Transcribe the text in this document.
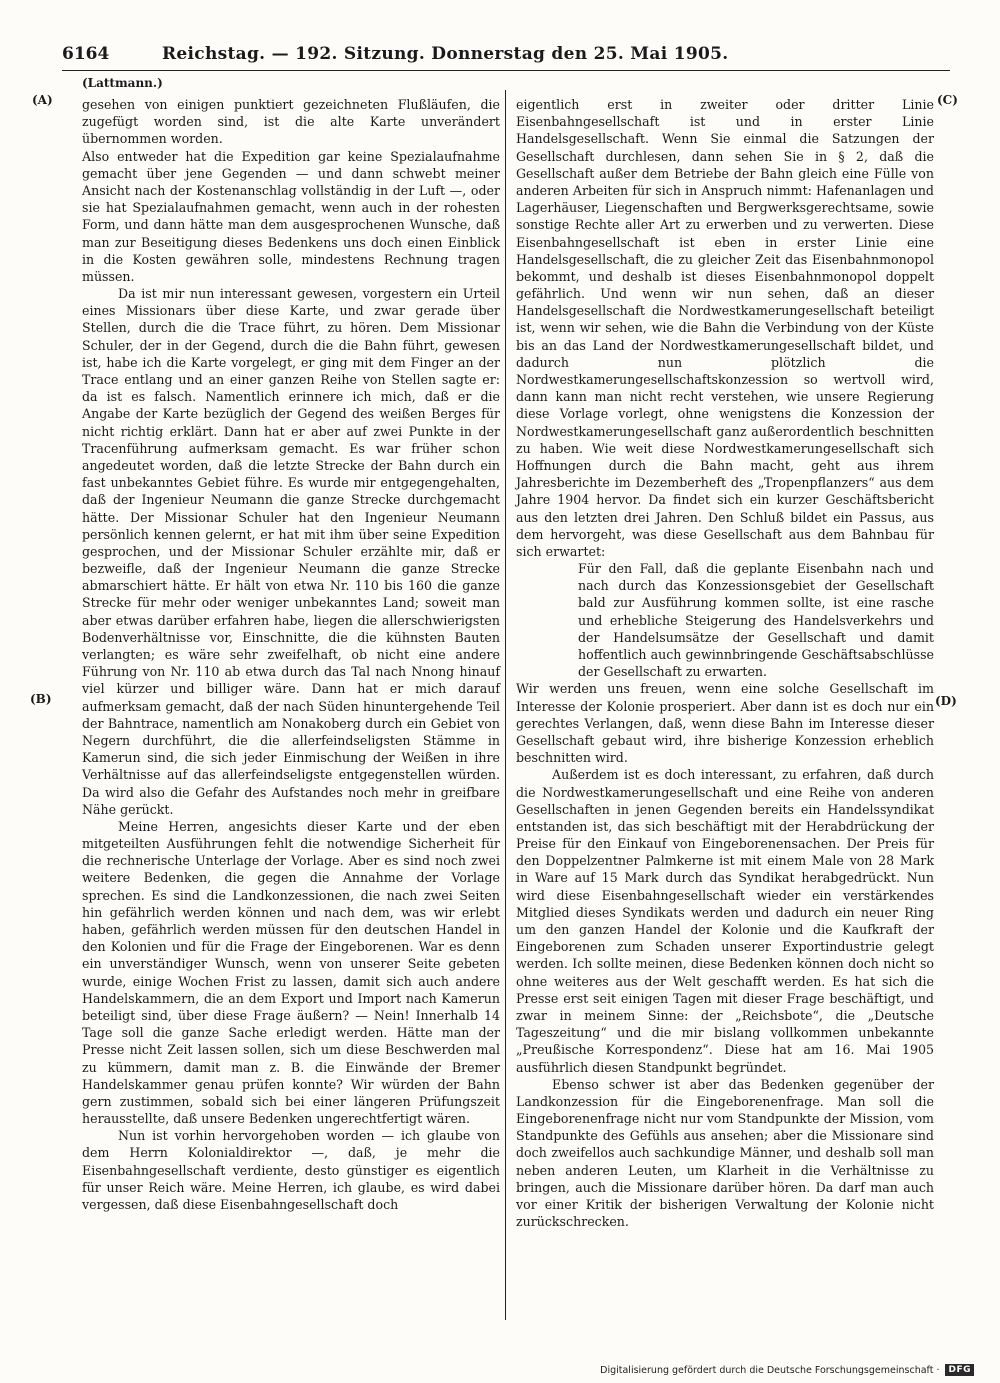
6164	Reichstag. — 192. Sitzung. Donnerstag den 25. Mai 1905.
(Lattmann.)
(A)
(B)
(C)
(D)

gesehen von einigen punktiert gezeichneten Flußläufen, die zugefügt worden sind, ist die alte Karte unverändert übernommen worden.

Also entweder hat die Expedition gar keine Spezialaufnahme gemacht über jene Gegenden — und dann schwebt meiner Ansicht nach der Kostenanschlag vollständig in der Luft —, oder sie hat Spezialaufnahmen gemacht, wenn auch in der rohesten Form, und dann hätte man dem ausgesprochenen Wunsche, daß man zur Beseitigung dieses Bedenkens uns doch einen Einblick in die Kosten gewähren solle, mindestens Rechnung tragen müssen.

Da ist mir nun interessant gewesen, vorgestern ein Urteil eines Missionars über diese Karte, und zwar gerade über Stellen, durch die die Trace führt, zu hören. Dem Missionar Schuler, der in der Gegend, durch die die Bahn führt, gewesen ist, habe ich die Karte vorgelegt, er ging mit dem Finger an der Trace entlang und an einer ganzen Reihe von Stellen sagte er: da ist es falsch. Namentlich erinnere ich mich, daß er die Angabe der Karte bezüglich der Gegend des weißen Berges für nicht richtig erklärt. Dann hat er aber auf zwei Punkte in der Tracenführung aufmerksam gemacht. Es war früher schon angedeutet worden, daß die letzte Strecke der Bahn durch ein fast unbekanntes Gebiet führe. Es wurde mir entgegengehalten, daß der Ingenieur Neumann die ganze Strecke durchgemacht hätte. Der Missionar Schuler hat den Ingenieur Neumann persönlich kennen gelernt, er hat mit ihm über seine Expedition gesprochen, und der Missionar Schuler erzählte mir, daß er bezweifle, daß der Ingenieur Neumann die ganze Strecke abmarschiert hätte. Er hält von etwa Nr. 110 bis 160 die ganze Strecke für mehr oder weniger unbekanntes Land; soweit man aber etwas darüber erfahren habe, liegen die allerschwierigsten Bodenverhältnisse vor, Einschnitte, die die kühnsten Bauten verlangten; es wäre sehr zweifelhaft, ob nicht eine andere Führung von Nr. 110 ab etwa durch das Tal nach Nnong hinauf viel kürzer und billiger wäre. Dann hat er mich darauf aufmerksam gemacht, daß der nach Süden hinuntergehende Teil der Bahntrace, namentlich am Nonakoberg durch ein Gebiet von Negern durchführt, die die allerfeindseligsten Stämme in Kamerun sind, die sich jeder Einmischung der Weißen in ihre Verhältnisse auf das allerfeindseligste entgegenstellen würden. Da wird also die Gefahr des Aufstandes noch mehr in greifbare Nähe gerückt.

Meine Herren, angesichts dieser Karte und der eben mitgeteilten Ausführungen fehlt die notwendige Sicherheit für die rechnerische Unterlage der Vorlage. Aber es sind noch zwei weitere Bedenken, die gegen die Annahme der Vorlage sprechen. Es sind die Landkonzessionen, die nach zwei Seiten hin gefährlich werden können und nach dem, was wir erlebt haben, gefährlich werden müssen für den deutschen Handel in den Kolonien und für die Frage der Eingeborenen. War es denn ein unverständiger Wunsch, wenn von unserer Seite gebeten wurde, einige Wochen Frist zu lassen, damit sich auch andere Handelskammern, die an dem Export und Import nach Kamerun beteiligt sind, über diese Frage äußern? — Nein! Innerhalb 14 Tage soll die ganze Sache erledigt werden. Hätte man der Presse nicht Zeit lassen sollen, sich um diese Beschwerden mal zu kümmern, damit man z. B. die Einwände der Bremer Handelskammer genau prüfen konnte? Wir würden der Bahn gern zustimmen, sobald sich bei einer längeren Prüfungszeit herausstellte, daß unsere Bedenken ungerechtfertigt wären.

Nun ist vorhin hervorgehoben worden — ich glaube von dem Herrn Kolonialdirektor —, daß, je mehr die Eisenbahngesellschaft verdiente, desto günstiger es eigentlich für unser Reich wäre. Meine Herren, ich glaube, es wird dabei vergessen, daß diese Eisenbahngesellschaft doch

eigentlich erst in zweiter oder dritter Linie Eisenbahngesellschaft ist und in erster Linie Handelsgesellschaft. Wenn Sie einmal die Satzungen der Gesellschaft durchlesen, dann sehen Sie in § 2, daß die Gesellschaft außer dem Betriebe der Bahn gleich eine Fülle von anderen Arbeiten für sich in Anspruch nimmt: Hafenanlagen und Lagerhäuser, Liegenschaften und Bergwerksgerechtsame, sowie sonstige Rechte aller Art zu erwerben und zu verwerten. Diese Eisenbahngesellschaft ist eben in erster Linie eine Handelsgesellschaft, die zu gleicher Zeit das Eisenbahnmonopol bekommt, und deshalb ist dieses Eisenbahnmonopol doppelt gefährlich. Und wenn wir nun sehen, daß an dieser Handelsgesellschaft die Nordwestkamerungesellschaft beteiligt ist, wenn wir sehen, wie die Bahn die Verbindung von der Küste bis an das Land der Nordwestkamerungesellschaft bildet, und dadurch nun plötzlich die Nordwestkamerungesellschaftskonzession so wertvoll wird, dann kann man nicht recht verstehen, wie unsere Regierung diese Vorlage vorlegt, ohne wenigstens die Konzession der Nordwestkamerungesellschaft ganz außerordentlich beschnitten zu haben. Wie weit diese Nordwestkamerungesellschaft sich Hoffnungen durch die Bahn macht, geht aus ihrem Jahresberichte im Dezemberheft des „Tropenpflanzers“ aus dem Jahre 1904 hervor. Da findet sich ein kurzer Geschäftsbericht aus den letzten drei Jahren. Den Schluß bildet ein Passus, aus dem hervorgeht, was diese Gesellschaft aus dem Bahnbau für sich erwartet:

Für den Fall, daß die geplante Eisenbahn nach und nach durch das Konzessionsgebiet der Gesellschaft bald zur Ausführung kommen sollte, ist eine rasche und erhebliche Steigerung des Handelsverkehrs und der Handelsumsätze der Gesellschaft und damit hoffentlich auch gewinnbringende Geschäftsabschlüsse der Gesellschaft zu erwarten.

Wir werden uns freuen, wenn eine solche Gesellschaft im Interesse der Kolonie prosperiert. Aber dann ist es doch nur ein gerechtes Verlangen, daß, wenn diese Bahn im Interesse dieser Gesellschaft gebaut wird, ihre bisherige Konzession erheblich beschnitten wird.

Außerdem ist es doch interessant, zu erfahren, daß durch die Nordwestkamerungesellschaft und eine Reihe von anderen Gesellschaften in jenen Gegenden bereits ein Handelssyndikat entstanden ist, das sich beschäftigt mit der Herabdrückung der Preise für den Einkauf von Eingeborenensachen. Der Preis für den Doppelzentner Palmkerne ist mit einem Male von 28 Mark in Ware auf 15 Mark durch das Syndikat herabgedrückt. Nun wird diese Eisenbahngesellschaft wieder ein verstärkendes Mitglied dieses Syndikats werden und dadurch ein neuer Ring um den ganzen Handel der Kolonie und die Kaufkraft der Eingeborenen zum Schaden unserer Exportindustrie gelegt werden. Ich sollte meinen, diese Bedenken können doch nicht so ohne weiteres aus der Welt geschafft werden. Es hat sich die Presse erst seit einigen Tagen mit dieser Frage beschäftigt, und zwar in meinem Sinne: der „Reichsbote“, die „Deutsche Tageszeitung“ und die mir bislang vollkommen unbekannte „Preußische Korrespondenz“. Diese hat am 16. Mai 1905 ausführlich diesen Standpunkt begründet.

Ebenso schwer ist aber das Bedenken gegenüber der Landkonzession für die Eingeborenenfrage. Man soll die Eingeborenenfrage nicht nur vom Standpunkte der Mission, vom Standpunkte des Gefühls aus ansehen; aber die Missionare sind doch zweifellos auch sachkundige Männer, und deshalb soll man neben anderen Leuten, um Klarheit in die Verhältnisse zu bringen, auch die Missionare darüber hören. Da darf man auch vor einer Kritik der bisherigen Verwaltung der Kolonie nicht zurückschrecken.

Digitalisierung gefördert durch die Deutsche Forschungsgemeinschaft ·	DFG
